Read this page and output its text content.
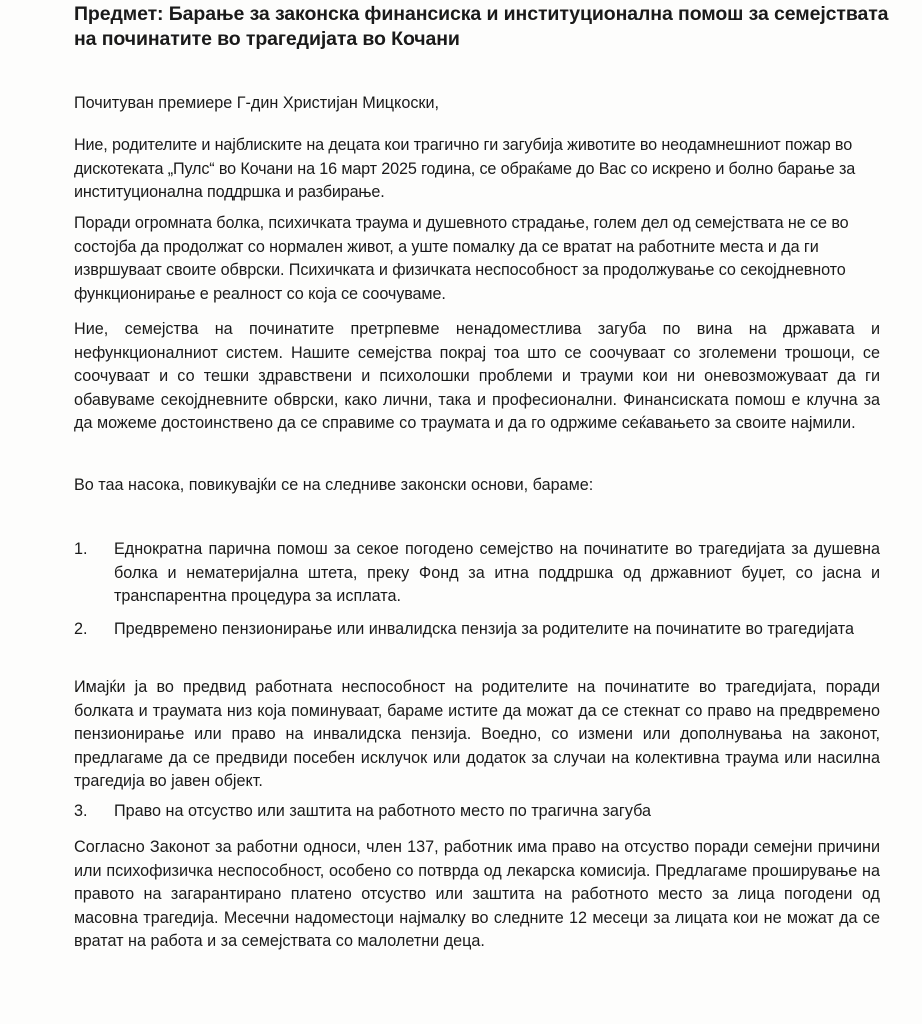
Предмет: Барање за законска финансиска и институционална помош за семејствата на починатите во трагедијата во Кочани

Почитуван премиере Г-дин Христијан Мицкоски,

Ние, родителите и најблиските на децата кои трагично ги загубија животите во неодамнешниот пожар во дискотеката „Пулс“ во Кочани на 16 март 2025 година, се обраќаме до Вас со искрено и болно барање за институционална поддршка и разбирање.

Поради огромната болка, психичката траума и душевното страдање, голем дел од семејствата не се во состојба да продолжат со нормален живот, а уште помалку да се вратат на работните места и да ги извршуваат своите обврски. Психичката и физичката неспособност за продолжување со секојдневното функционирање е реалност со која се соочуваме.

Ние, семејства на починатите претрпевме ненадоместлива загуба по вина на државата и нефункционалниот систем. Нашите семејства покрај тоа што се соочуваат со зголемени трошоци, се соочуваат и со тешки здравствени и психолошки проблеми и трауми кои ни оневозможуваат да ги обавуваме секојдневните обврски, како лични, така и професионални. Финансиската помош е клучна за да можеме достоинствено да се справиме со траумата и да го одржиме сеќавањето за своите најмили.

Во таа насока, повикувајќи се на следниве законски основи, бараме:

1.	Еднократна парична помош за секое погодено семејство на починатите во трагедијата за душевна болка и нематеријална штета, преку Фонд за итна поддршка од државниот буџет, со јасна и транспарентна процедура за исплата.
2.	Предвремено пензионирање или инвалидска пензија за родителите на починатите во трагедијата

Имајќи ја во предвид работната неспособност на родителите на починатите во трагедијата, поради болката и траумата низ која поминуваат, бараме истите да можат да се стекнат со право на предвремено пензионирање или право на инвалидска пензија. Воедно, со измени или дополнувања на законот, предлагаме да се предвиди посебен исклучок или додаток за случаи на колективна траума или насилна трагедија во јавен објект.

3.	Право на отсуство или заштита на работното место по трагична загуба

Согласно Законот за работни односи, член 137, работник има право на отсуство поради семејни причини или психофизичка неспособност, особено со потврда од лекарска комисија. Предлагаме проширување на правото на загарантирано платено отсуство или заштита на работното место за лица погодени од масовна трагедија. Месечни надоместоци најмалку во следните 12 месеци за лицата кои не можат да се вратат на работа и за семејствата со малолетни деца.
